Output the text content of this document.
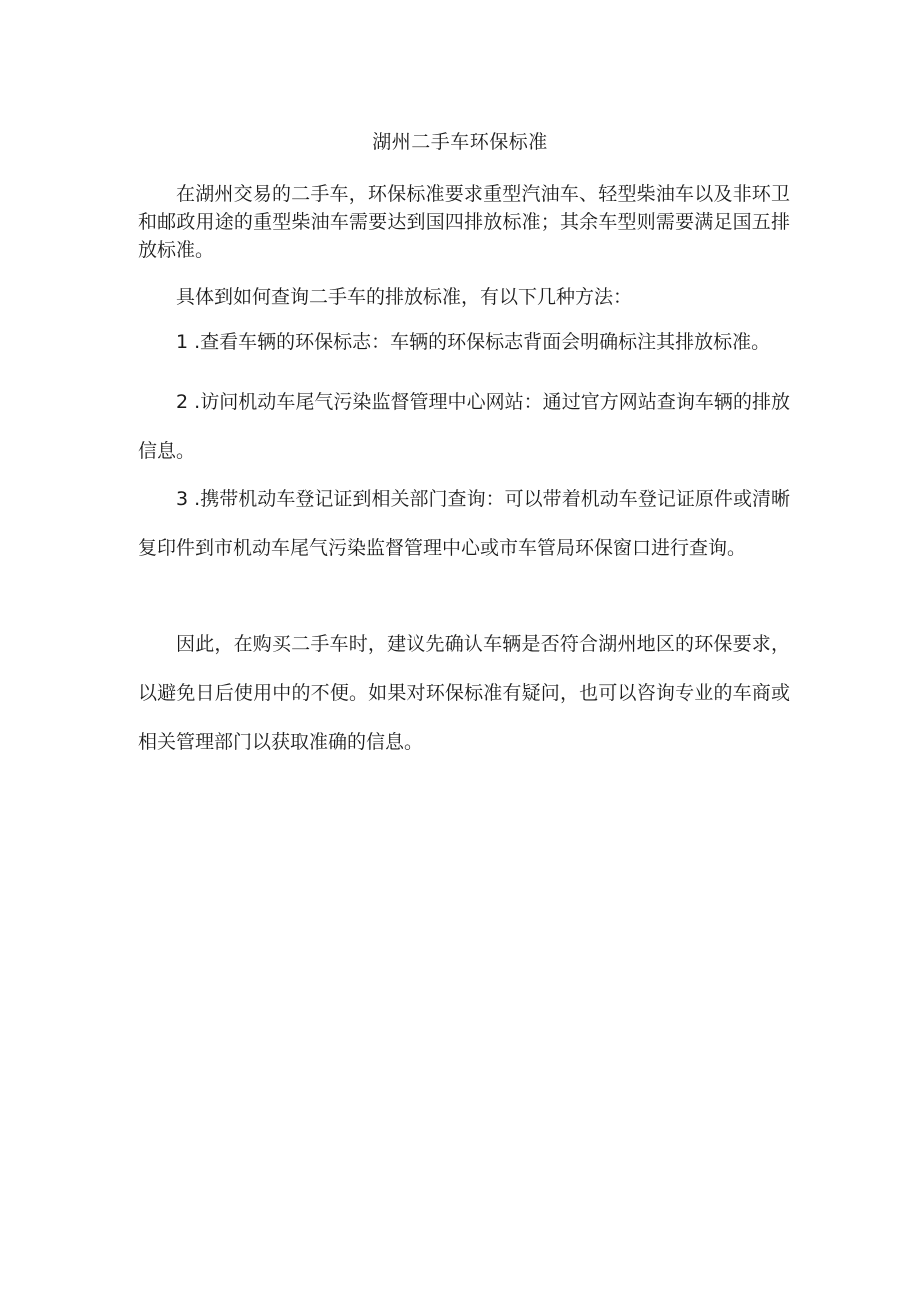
湖州二手车环保标准

在湖州交易的二手车，环保标准要求重型汽油车、轻型柴油车以及非环卫和邮政用途的重型柴油车需要达到国四排放标准；其余车型则需要满足国五排放标准。

具体到如何查询二手车的排放标准，有以下几种方法：

1 .查看车辆的环保标志：车辆的环保标志背面会明确标注其排放标准。

2 .访问机动车尾气污染监督管理中心网站：通过官方网站查询车辆的排放信息。

3 .携带机动车登记证到相关部门查询：可以带着机动车登记证原件或清晰复印件到市机动车尾气污染监督管理中心或市车管局环保窗口进行查询。

因此，在购买二手车时，建议先确认车辆是否符合湖州地区的环保要求，以避免日后使用中的不便。如果对环保标准有疑问，也可以咨询专业的车商或相关管理部门以获取准确的信息。
